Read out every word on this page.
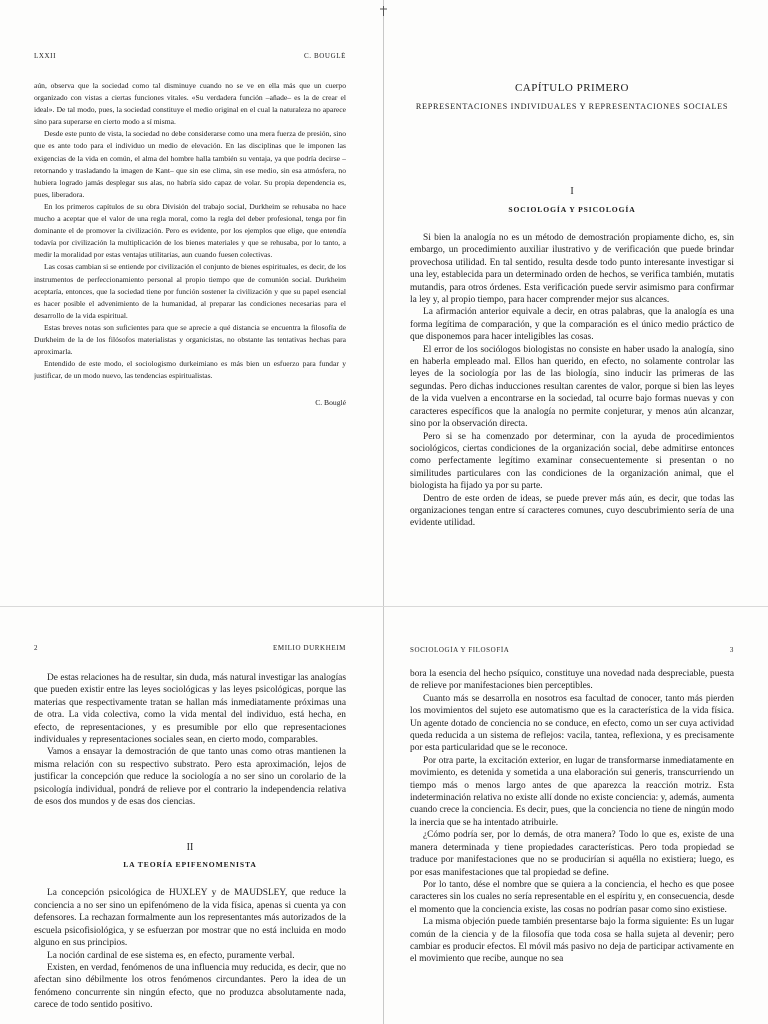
LXXII	C. BOUGLÉ

aún, observa que la sociedad como tal disminuye cuando no se ve en ella más que un cuerpo organizado con vistas a ciertas funciones vitales. «Su verdadera función –añade– es la de crear el ideal». De tal modo, pues, la sociedad constituye el medio original en el cual la naturaleza no aparece sino para superarse en cierto modo a sí misma.

Desde este punto de vista, la sociedad no debe considerarse como una mera fuerza de presión, sino que es ante todo para el individuo un medio de elevación. En las disciplinas que le imponen las exigencias de la vida en común, el alma del hombre halla también su ventaja, ya que podría decirse –retornando y trasladando la imagen de Kant– que sin ese clima, sin ese medio, sin esa atmósfera, no hubiera logrado jamás desplegar sus alas, no habría sido capaz de volar. Su propia dependencia es, pues, liberadora.

En los primeros capítulos de su obra División del trabajo social, Durkheim se rehusaba no hace mucho a aceptar que el valor de una regla moral, como la regla del deber profesional, tenga por fin dominante el de promover la civilización. Pero es evidente, por los ejemplos que elige, que entendía todavía por civilización la multiplicación de los bienes materiales y que se rehusaba, por lo tanto, a medir la moralidad por estas ventajas utilitarias, aun cuando fuesen colectivas.

Las cosas cambian si se entiende por civilización el conjunto de bienes espirituales, es decir, de los instrumentos de perfeccionamiento personal al propio tiempo que de comunión social. Durkheim aceptaría, entonces, que la sociedad tiene por función sostener la civilización y que su papel esencial es hacer posible el advenimiento de la humanidad, al preparar las condiciones necesarias para el desarrollo de la vida espiritual.

Estas breves notas son suficientes para que se aprecie a qué distancia se encuentra la filosofía de Durkheim de la de los filósofos materialistas y organicistas, no obstante las tentativas hechas para aproximarla.

Entendido de este modo, el sociologismo durkeimiano es más bien un esfuerzo para fundar y justificar, de un modo nuevo, las tendencias espiritualistas.

C. Bouglé
CAPÍTULO PRIMERO
REPRESENTACIONES INDIVIDUALES Y REPRESENTACIONES SOCIALES
I
SOCIOLOGÍA Y PSICOLOGÍA

Si bien la analogía no es un método de demostración propiamente dicho, es, sin embargo, un procedimiento auxiliar ilustrativo y de verificación que puede brindar provechosa utilidad. En tal sentido, resulta desde todo punto interesante investigar si una ley, establecida para un determinado orden de hechos, se verifica también, mutatis mutandis, para otros órdenes. Esta verificación puede servir asimismo para confirmar la ley y, al propio tiempo, para hacer comprender mejor sus alcances.

La afirmación anterior equivale a decir, en otras palabras, que la analogía es una forma legítima de comparación, y que la comparación es el único medio práctico de que disponemos para hacer inteligibles las cosas.

El error de los sociólogos biologistas no consiste en haber usado la analogía, sino en haberla empleado mal. Ellos han querido, en efecto, no solamente controlar las leyes de la sociología por las de las biología, sino inducir las primeras de las segundas. Pero dichas inducciones resultan carentes de valor, porque si bien las leyes de la vida vuelven a encontrarse en la sociedad, tal ocurre bajo formas nuevas y con caracteres específicos que la analogía no permite conjeturar, y menos aún alcanzar, sino por la observación directa.

Pero si se ha comenzado por determinar, con la ayuda de procedimientos sociológicos, ciertas condiciones de la organización social, debe admitirse entonces como perfectamente legítimo examinar consecuentemente si presentan o no similitudes particulares con las condiciones de la organización animal, que el biologista ha fijado ya por su parte.

Dentro de este orden de ideas, se puede prever más aún, es decir, que todas las organizaciones tengan entre sí caracteres comunes, cuyo descubrimiento sería de una evidente utilidad.

2	EMILIO DURKHEIM

De estas relaciones ha de resultar, sin duda, más natural investigar las analogías que pueden existir entre las leyes sociológicas y las leyes psicológicas, porque las materias que respectivamente tratan se hallan más inmediatamente próximas una de otra. La vida colectiva, como la vida mental del individuo, está hecha, en efecto, de representaciones, y es presumible por ello que representaciones individuales y representaciones sociales sean, en cierto modo, comparables.

Vamos a ensayar la demostración de que tanto unas como otras mantienen la misma relación con su respectivo substrato. Pero esta aproximación, lejos de justificar la concepción que reduce la sociología a no ser sino un corolario de la psicología individual, pondrá de relieve por el contrario la independencia relativa de esos dos mundos y de esas dos ciencias.

II
LA TEORÍA EPIFENOMENISTA

La concepción psicológica de HUXLEY y de MAUDSLEY, que reduce la conciencia a no ser sino un epifenómeno de la vida física, apenas si cuenta ya con defensores. La rechazan formalmente aun los representantes más autorizados de la escuela psicofisiológica, y se esfuerzan por mostrar que no está incluida en modo alguno en sus principios.

La noción cardinal de ese sistema es, en efecto, puramente verbal.

Existen, en verdad, fenómenos de una influencia muy reducida, es decir, que no afectan sino débilmente los otros fenómenos circundantes. Pero la idea de un fenómeno concurrente sin ningún efecto, que no produzca absolutamente nada, carece de todo sentido positivo.

SOCIOLOGÍA Y FILOSOFÍA	3

bora la esencia del hecho psíquico, constituye una novedad nada despreciable, puesta de relieve por manifestaciones bien perceptibles.

Cuanto más se desarrolla en nosotros esa facultad de conocer, tanto más pierden los movimientos del sujeto ese automatismo que es la característica de la vida física. Un agente dotado de conciencia no se conduce, en efecto, como un ser cuya actividad queda reducida a un sistema de reflejos: vacila, tantea, reflexiona, y es precisamente por esta particularidad que se le reconoce.

Por otra parte, la excitación exterior, en lugar de transformarse inmediatamente en movimiento, es detenida y sometida a una elaboración sui generis, transcurriendo un tiempo más o menos largo antes de que aparezca la reacción motriz. Esta indeterminación relativa no existe allí donde no existe conciencia: y, además, aumenta cuando crece la conciencia. Es decir, pues, que la conciencia no tiene de ningún modo la inercia que se ha intentado atribuirle.

¿Cómo podría ser, por lo demás, de otra manera? Todo lo que es, existe de una manera determinada y tiene propiedades características. Pero toda propiedad se traduce por manifestaciones que no se producirían si aquélla no existiera; luego, es por esas manifestaciones que tal propiedad se define.

Por lo tanto, dése el nombre que se quiera a la conciencia, el hecho es que posee caracteres sin los cuales no sería representable en el espíritu y, en consecuencia, desde el momento que la conciencia existe, las cosas no podrían pasar como sino existiese.

La misma objeción puede también presentarse bajo la forma siguiente: Es un lugar común de la ciencia y de la filosofía que toda cosa se halla sujeta al devenir; pero cambiar es producir efectos. El móvil más pasivo no deja de participar activamente en el movimiento que recibe, aunque no sea
